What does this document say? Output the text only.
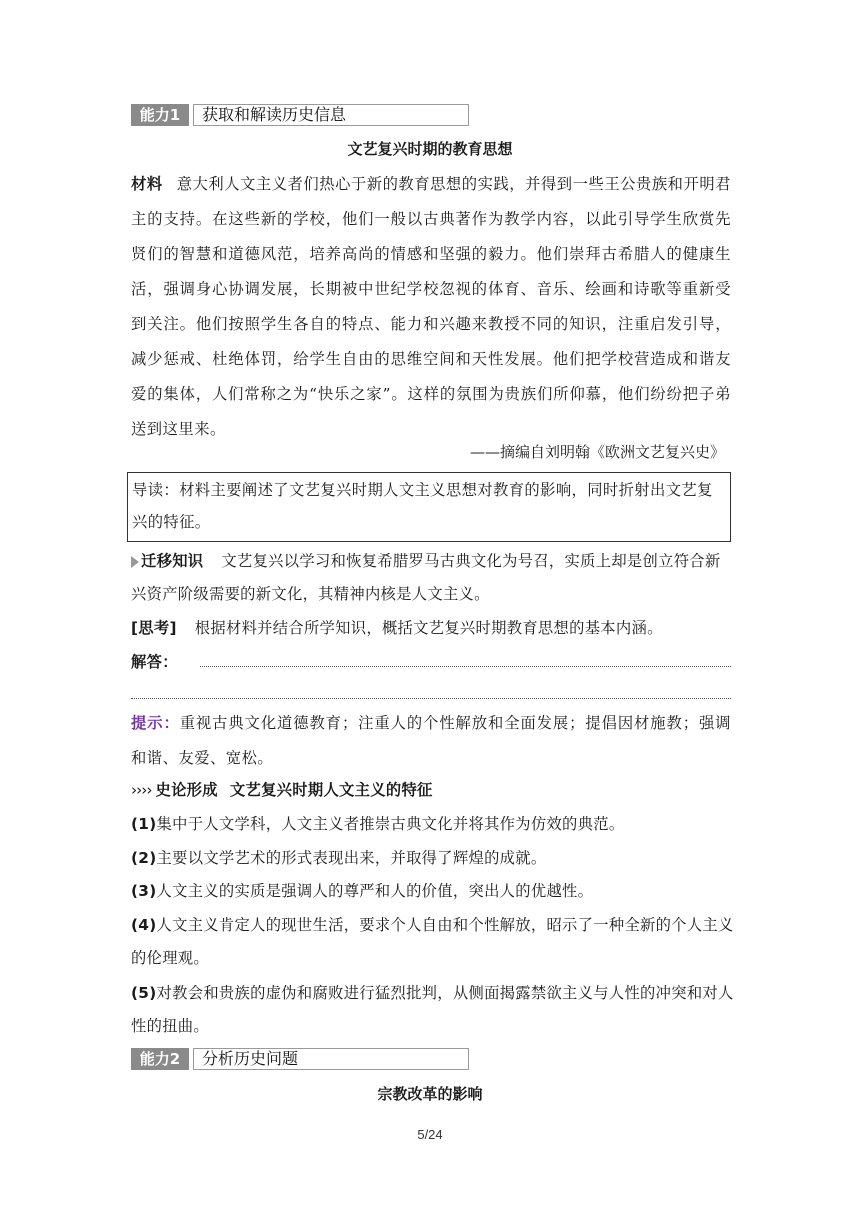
能力1	获取和解读历史信息
文艺复兴时期的教育思想
材料 意大利人文主义者们热心于新的教育思想的实践，并得到一些王公贵族和开明君主的支持。在这些新的学校，他们一般以古典著作为教学内容，以此引导学生欣赏先贤们的智慧和道德风范，培养高尚的情感和坚强的毅力。他们崇拜古希腊人的健康生活，强调身心协调发展，长期被中世纪学校忽视的体育、音乐、绘画和诗歌等重新受到关注。他们按照学生各自的特点、能力和兴趣来教授不同的知识，注重启发引导，减少惩戒、杜绝体罚，给学生自由的思维空间和天性发展。他们把学校营造成和谐友爱的集体，人们常称之为“快乐之家”。这样的氛围为贵族们所仰慕，他们纷纷把子弟送到这里来。
——摘编自刘明翰《欧洲文艺复兴史》
导读：材料主要阐述了文艺复兴时期人文主义思想对教育的影响，同时折射出文艺复兴的特征。
迁移知识 文艺复兴以学习和恢复希腊罗马古典文化为号召，实质上却是创立符合新兴资产阶级需要的新文化，其精神内核是人文主义。
[思考] 根据材料并结合所学知识，概括文艺复兴时期教育思想的基本内涵。
解答：
提示：重视古典文化道德教育；注重人的个性解放和全面发展；提倡因材施教；强调和谐、友爱、宽松。
›››› 史论形成 文艺复兴时期人文主义的特征
(1)集中于人文学科，人文主义者推崇古典文化并将其作为仿效的典范。
(2)主要以文学艺术的形式表现出来，并取得了辉煌的成就。
(3)人文主义的实质是强调人的尊严和人的价值，突出人的优越性。
(4)人文主义肯定人的现世生活，要求个人自由和个性解放，昭示了一种全新的个人主义的伦理观。
(5)对教会和贵族的虚伪和腐败进行猛烈批判，从侧面揭露禁欲主义与人性的冲突和对人性的扭曲。
能力2	分析历史问题
宗教改革的影响
5/24
